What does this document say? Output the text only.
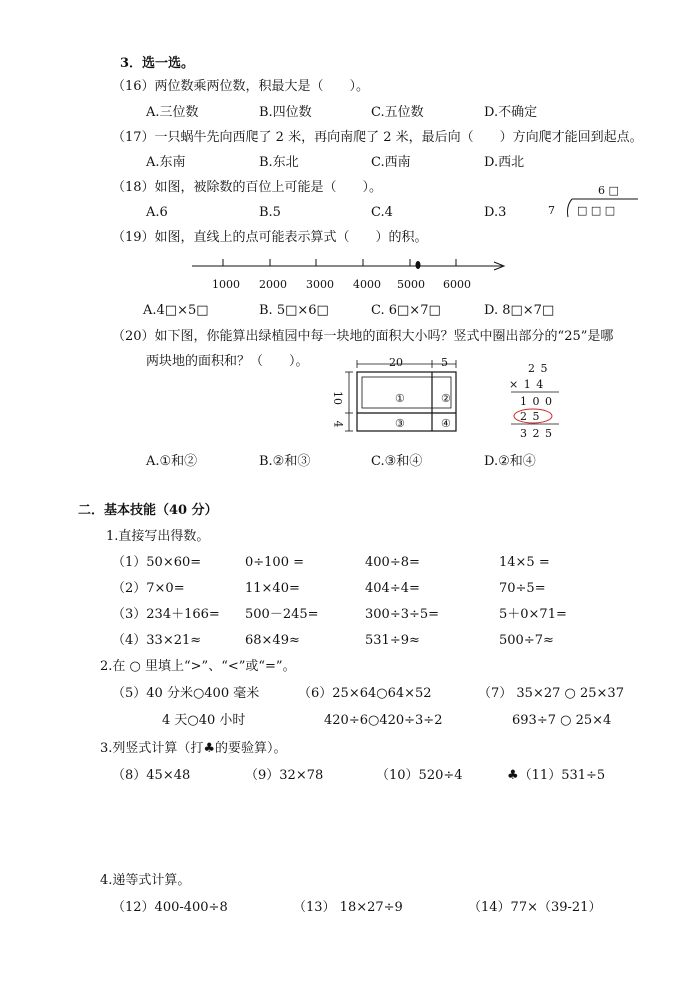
3．选一选。
（16）两位数乘两位数，积最大是（　　）。
A.三位数	B.四位数	C.五位数	D.不确定
（17）一只蜗牛先向西爬了 2 米，再向南爬了 2 米，最后向（　　）方向爬才能回到起点。
A.东南	B.东北	C.西南	D.西北
（18）如图，被除数的百位上可能是（　　）。
A.6	B.5	C.4	D.3
6 □
7 □ □ □
（19）如图，直线上的点可能表示算式（　　）的积。
1000 2000 3000 4000 5000 6000
A.4□×5□	B. 5□×6□	C. 6□×7□	D. 8□×7□
（20）如下图，你能算出绿植园中每一块地的面积大小吗？竖式中圈出部分的“25”是哪
两块地的面积和？（　　）。	20	5
10
4
①	②
③	④
2 5
× 1 4
1 0 0
2 5
3 2 5
A.①和②	B.②和③	C.③和④	D.②和④
二．基本技能（40 分）
1.直接写出得数。
（1）50×60=	0÷100 =	400÷8=	14×5 =
（2）7×0=	11×40=	404÷4=	70÷5=
（3）234＋166= 500－245=	300÷3÷5=	5＋0×71=
（4）33×21≈	68×49≈	531÷9≈	500÷7≈
2.在 ○ 里填上“>”、“<”或“=”。
（5）40 分米○400 毫米	（6）25×64○64×52	（7） 35×27 ○ 25×37
4 天○40 小时	420÷6○420÷3÷2	693÷7 ○ 25×4
3.列竖式计算（打♣的要验算）。
（8）45×48	（9）32×78	（10）520÷4	♣（11）531÷5
4.递等式计算。
（12）400-400÷8	（13） 18×27÷9	（14）77×（39-21）
